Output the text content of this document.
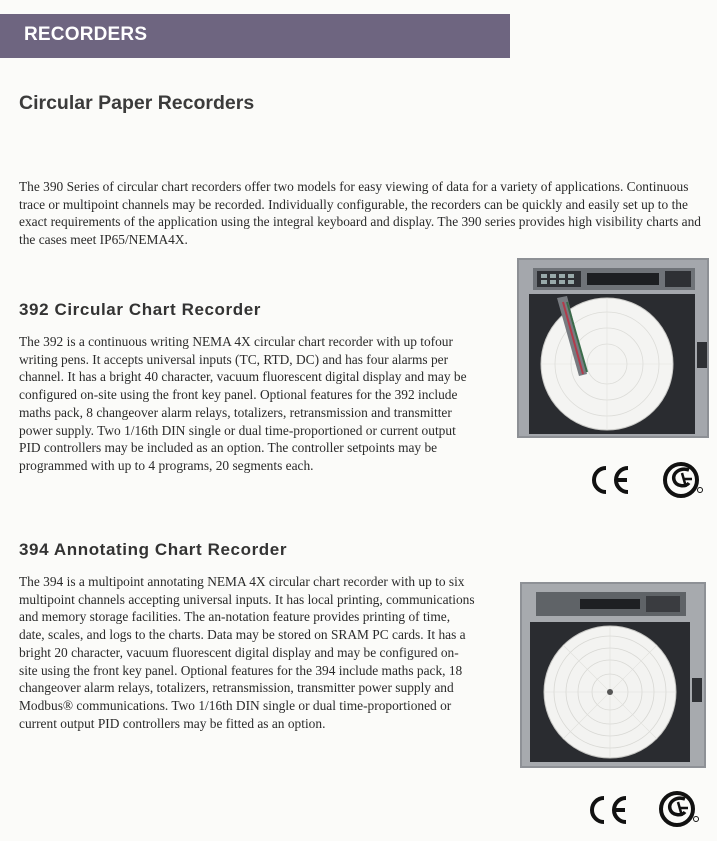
RECORDERS
Circular Paper Recorders

The 390 Series of circular chart recorders offer two models for easy viewing of data for a variety of applications. Continuous trace or multipoint channels may be recorded. Individually configurable, the recorders can be quickly and easily set up to the exact requirements of the application using the integral keyboard and display. The 390 series provides high visibility charts and the cases meet IP65/NEMA4X.

392 Circular Chart Recorder

The 392 is a continuous writing NEMA 4X circular chart recorder with up tofour writing pens. It accepts universal inputs (TC, RTD, DC) and has four alarms per channel. It has a bright 40 character, vacuum fluorescent digital display and may be configured on-site using the front key panel. Optional features for the 392 include maths pack, 8 changeover alarm relays, totalizers, retransmission and transmitter power supply. Two 1/16th DIN single or dual time-proportioned or current output PID controllers may be included as an option. The controller setpoints may be programmed with up to 4 programs, 20 segments each.

394 Annotating Chart Recorder

The 394 is a multipoint annotating NEMA 4X circular chart recorder with up to six multipoint channels accepting universal inputs. It has local printing, communications and memory storage facilities. The an-notation feature provides printing of time, date, scales, and logs to the charts. Data may be stored on SRAM PC cards. It has a bright 20 character, vacuum fluorescent digital display and may be configured on-site using the front key panel. Optional features for the 394 include maths pack, 18 changeover alarm relays, totalizers, retransmission, transmitter power supply and Modbus® communications. Two 1/16th DIN single or dual time-proportioned or current output PID controllers may be fitted as an option.
